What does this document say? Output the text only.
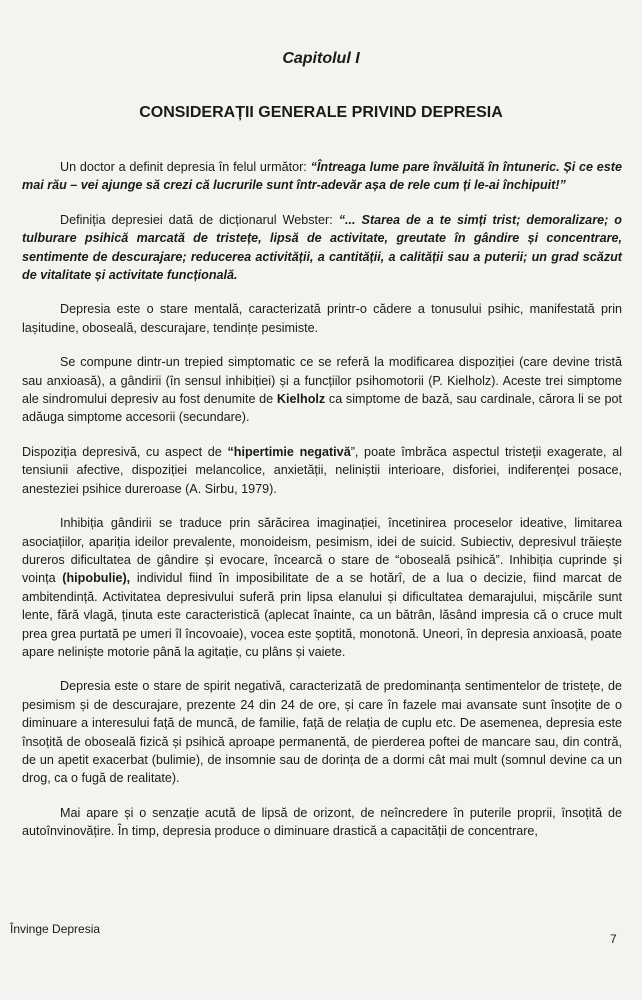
Capitolul I
CONSIDERAȚII GENERALE PRIVIND DEPRESIA

Un doctor a definit depresia în felul următor: “Întreaga lume pare învăluită în întuneric. Și ce este mai rău – vei ajunge să crezi că lucrurile sunt într-adevăr așa de rele cum ți le-ai închipuit!”

Definiția depresiei dată de dicționarul Webster: “... Starea de a te simți trist; demoralizare; o tulburare psihică marcată de tristețe, lipsă de activitate, greutate în gândire și concentrare, sentimente de descurajare; reducerea activității, a cantității, a calității sau a puterii; un grad scăzut de vitalitate și activitate funcțională.

Depresia este o stare mentală, caracterizată printr-o cădere a tonusului psihic, manifestată prin lașitudine, oboseală, descurajare, tendințe pesimiste.

Se compune dintr-un trepied simptomatic ce se referă la modificarea dispoziției (care devine tristă sau anxioasă), a gândirii (în sensul inhibiției) și a funcțiilor psihomotorii (P. Kielholz). Aceste trei simptome ale sindromului depresiv au fost denumite de Kielholz ca simptome de bază, sau cardinale, cărora li se pot adăuga simptome accesorii (secundare).

Dispoziția depresivă, cu aspect de “hipertimie negativă”, poate îmbrăca aspectul tristeții exagerate, al tensiunii afective, dispoziției melancolice, anxietății, neliniștii interioare, disforiei, indiferenței posace, anesteziei psihice dureroase (A. Sirbu, 1979).

Inhibiția gândirii se traduce prin sărăcirea imaginației, încetinirea proceselor ideative, limitarea asociațiilor, apariția ideilor prevalente, monoideism, pesimism, idei de suicid. Subiectiv, depresivul trăiește dureros dificultatea de gândire și evocare, încearcă o stare de “oboseală psihică”. Inhibiția cuprinde și voința (hipobulie), individul fiind în imposibilitate de a se hotărî, de a lua o decizie, fiind marcat de ambitendință. Activitatea depresivului suferă prin lipsa elanului și dificultatea demarajului, mișcările sunt lente, fără vlagă, ținuta este caracteristică (aplecat înainte, ca un bătrân, lăsând impresia că o cruce mult prea grea purtată pe umeri îl încovoaie), vocea este șoptită, monotonă. Uneori, în depresia anxioasă, poate apare neliniște motorie până la agitație, cu plâns și vaiete.

Depresia este o stare de spirit negativă, caracterizată de predominanța sentimentelor de tristețe, de pesimism și de descurajare, prezente 24 din 24 de ore, și care în fazele mai avansate sunt însoțite de o diminuare a interesului față de muncă, de familie, față de relația de cuplu etc. De asemenea, depresia este însoțită de oboseală fizică și psihică aproape permanentă, de pierderea poftei de mancare sau, din contră, de un apetit exacerbat (bulimie), de insomnie sau de dorința de a dormi cât mai mult (somnul devine ca un drog, ca o fugă de realitate).

Mai apare și o senzație acută de lipsă de orizont, de neîncredere în puterile proprii, însoțită de autoînvinovățire. În timp, depresia produce o diminuare drastică a capacității de concentrare,

Învinge Depresia
7
